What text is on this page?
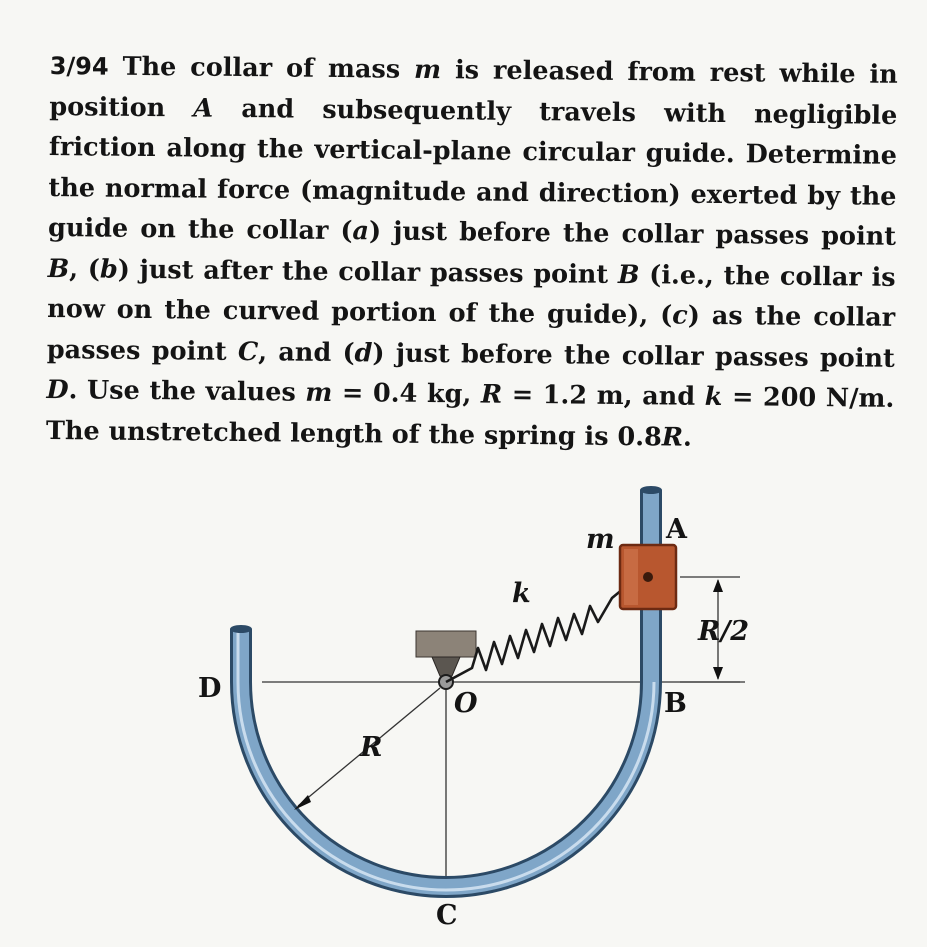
3/94 The collar of mass m is released from rest while in position A and subsequently travels with negligible friction along the vertical-plane circular guide. Determine the normal force (magnitude and direction) exerted by the guide on the collar (a) just before the collar passes point B, (b) just after the collar passes point B (i.e., the collar is now on the curved portion of the guide), (c) as the collar passes point C, and (d) just before the collar passes point D. Use the values m = 0.4 kg, R = 1.2 m, and k = 200 N/m. The unstretched length of the spring is 0.8R.

A
m
k
R/2
D	O	B
R
C
